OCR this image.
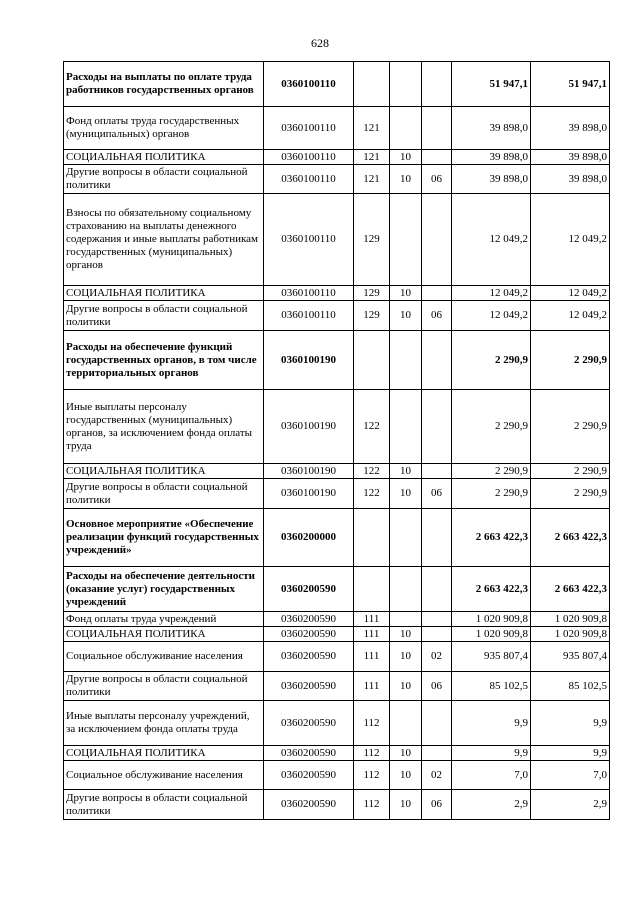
628
Расходы на выплаты по оплате труда работников государственных органов	0360100110				51 947,1	51 947,1
Фонд оплаты труда государственных (муниципальных) органов	0360100110	121			39 898,0	39 898,0
СОЦИАЛЬНАЯ ПОЛИТИКА	0360100110	121	10		39 898,0	39 898,0
Другие вопросы в области социальной политики	0360100110	121	10	06	39 898,0	39 898,0
Взносы по обязательному социальному страхованию на выплаты денежного содержания и иные выплаты работникам государственных (муниципальных) органов	0360100110	129			12 049,2	12 049,2
СОЦИАЛЬНАЯ ПОЛИТИКА	0360100110	129	10		12 049,2	12 049,2
Другие вопросы в области социальной политики	0360100110	129	10	06	12 049,2	12 049,2
Расходы на обеспечение функций государственных органов, в том числе территориальных органов	0360100190				2 290,9	2 290,9
Иные выплаты персоналу государственных (муниципальных) органов, за исключением фонда оплаты труда	0360100190	122			2 290,9	2 290,9
СОЦИАЛЬНАЯ ПОЛИТИКА	0360100190	122	10		2 290,9	2 290,9
Другие вопросы в области социальной политики	0360100190	122	10	06	2 290,9	2 290,9
Основное мероприятие «Обеспечение реализации функций государственных учреждений»	0360200000				2 663 422,3	2 663 422,3
Расходы на обеспечение деятельности (оказание услуг) государственных учреждений	0360200590				2 663 422,3	2 663 422,3
Фонд оплаты труда учреждений	0360200590	111			1 020 909,8	1 020 909,8
СОЦИАЛЬНАЯ ПОЛИТИКА	0360200590	111	10		1 020 909,8	1 020 909,8
Социальное обслуживание населения	0360200590	111	10	02	935 807,4	935 807,4
Другие вопросы в области социальной политики	0360200590	111	10	06	85 102,5	85 102,5
Иные выплаты персоналу учреждений, за исключением фонда оплаты труда	0360200590	112			9,9	9,9
СОЦИАЛЬНАЯ ПОЛИТИКА	0360200590	112	10		9,9	9,9
Социальное обслуживание населения	0360200590	112	10	02	7,0	7,0
Другие вопросы в области социальной политики	0360200590	112	10	06	2,9	2,9
